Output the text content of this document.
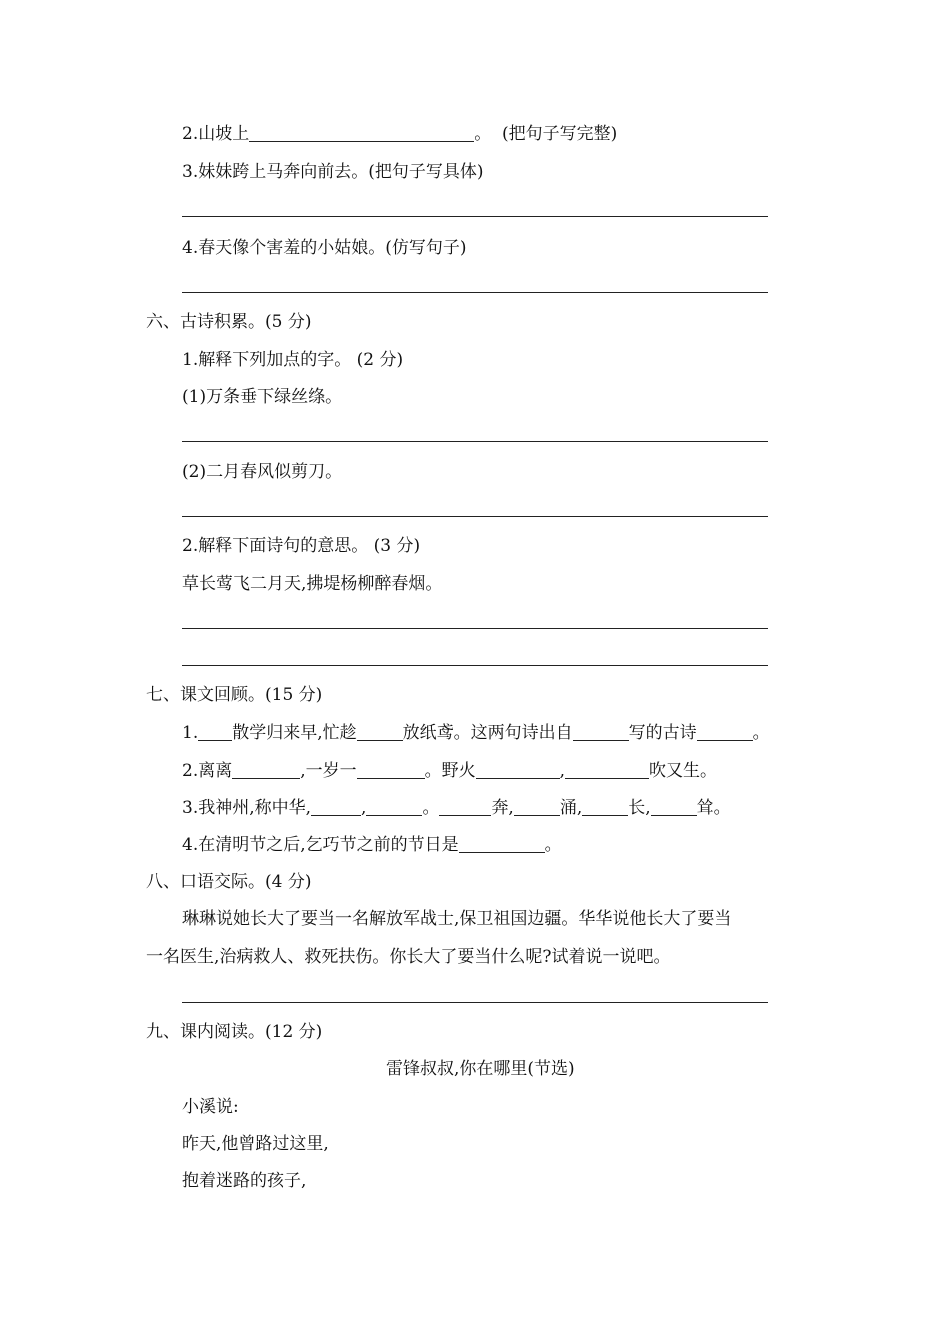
2.山坡上	。 (把句子写完整)
3.妹妹跨上马奔向前去。(把句子写具体)
4.春天像个害羞的小姑娘。(仿写句子)
六、古诗积累。(5 分)
1.解释下列加点的字。 (2 分)
(1)万条垂下绿丝绦。
(2)二月春风似剪刀。
2.解释下面诗句的意思。 (3 分)
草长莺飞二月天,拂堤杨柳醉春烟。
七、课文回顾。(15 分)
1. 散学归来早,忙趁	放纸鸢。这两句诗出自	写的古诗	。
2.离离	,一岁一	。野火	,	吹又生。
3.我神州,称中华,	,	。	奔,	涌,	长,	耸。
4.在清明节之后,乞巧节之前的节日是	。
八、口语交际。(4 分)
琳琳说她长大了要当一名解放军战士,保卫祖国边疆。华华说他长大了要当
一名医生,治病救人、救死扶伤。你长大了要当什么呢?试着说一说吧。
九、课内阅读。(12 分)
雷锋叔叔,你在哪里(节选)
小溪说:
昨天,他曾路过这里,
抱着迷路的孩子,
